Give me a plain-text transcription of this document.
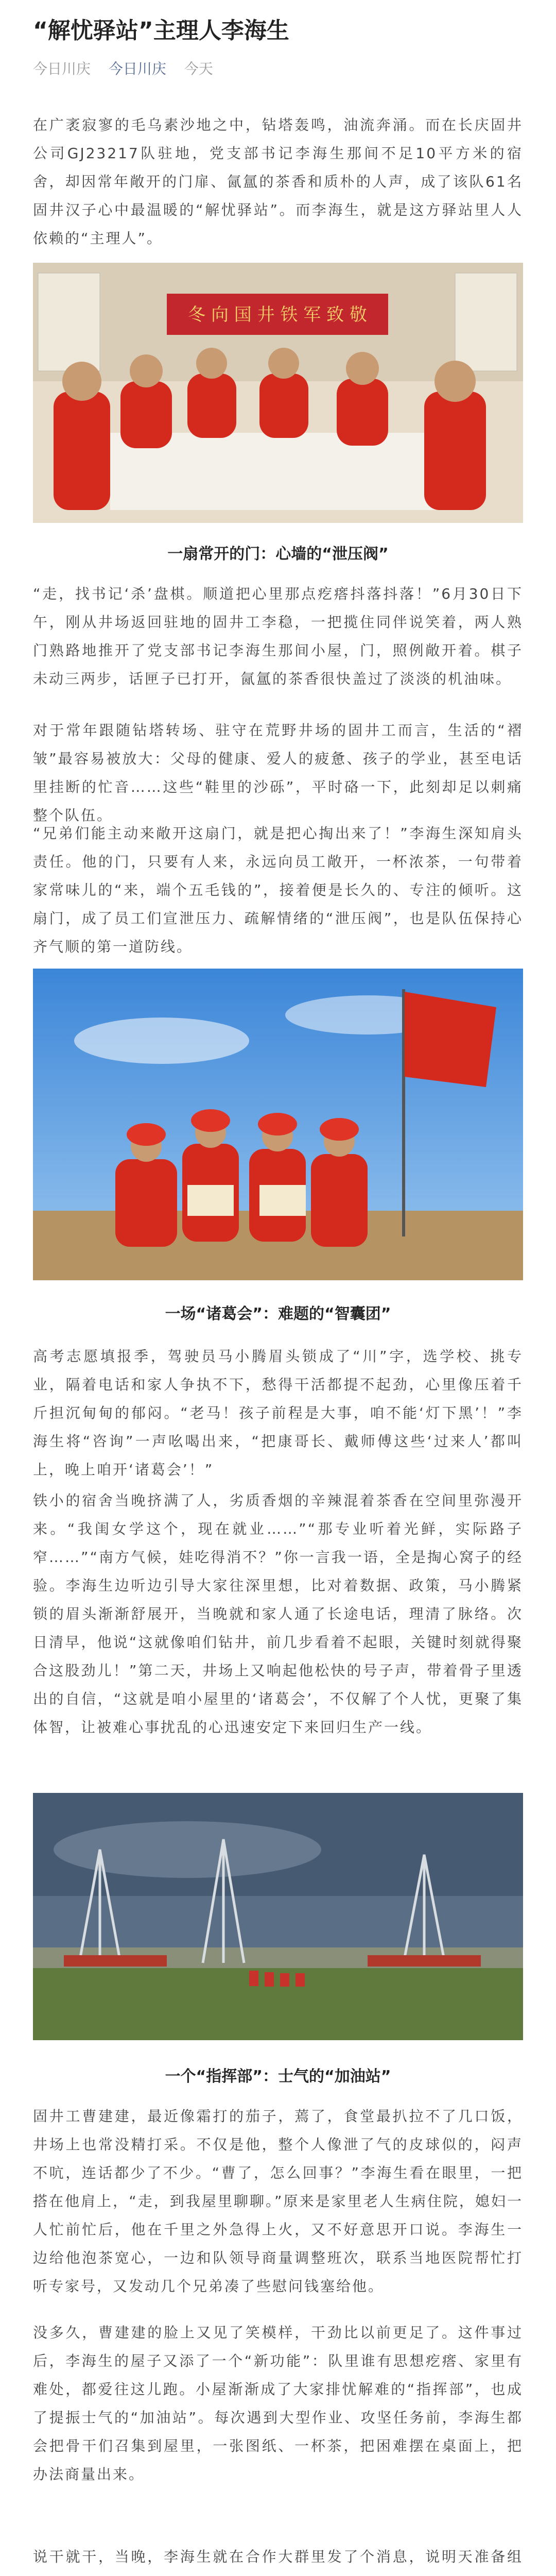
“解忧驿站”主理人李海生
今日川庆 今日川庆 今天
在广袤寂寥的毛乌素沙地之中，钻塔轰鸣，油流奔涌。而在长庆固井公司GJ23217队驻地，党支部书记李海生那间不足10平方米的宿舍，却因常年敞开的门扉、氤氲的茶香和质朴的人声，成了该队61名固井汉子心中最温暖的“解忧驿站”。而李海生，就是这方驿站里人人依赖的“主理人”。
冬 向 国 井 铁 军 致 敬
一扇常开的门：心墙的“泄压阀”
“走，找书记‘杀’盘棋。顺道把心里那点疙瘩抖落抖落！”6月30日下午，刚从井场返回驻地的固井工李稳，一把揽住同伴说笑着，两人熟门熟路地推开了党支部书记李海生那间小屋，门，照例敞开着。棋子未动三两步，话匣子已打开，氤氲的茶香很快盖过了淡淡的机油味。
对于常年跟随钻塔转场、驻守在荒野井场的固井工而言，生活的“褶皱”最容易被放大：父母的健康、爱人的疲惫、孩子的学业，甚至电话里挂断的忙音……这些“鞋里的沙砾”，平时硌一下，此刻却足以刺痛整个队伍。
“兄弟们能主动来敞开这扇门，就是把心掏出来了！”李海生深知肩头责任。他的门，只要有人来，永远向员工敞开，一杯浓茶，一句带着家常味儿的“来，端个五毛钱的”，接着便是长久的、专注的倾听。这扇门，成了员工们宣泄压力、疏解情绪的“泄压阀”，也是队伍保持心齐气顺的第一道防线。
一场“诸葛会”：难题的“智囊团”
高考志愿填报季，驾驶员马小腾眉头锁成了“川”字，选学校、挑专业，隔着电话和家人争执不下，愁得干活都提不起劲，心里像压着千斤担沉甸甸的郁闷。“老马！孩子前程是大事，咱不能‘灯下黑’！”李海生将“咨询”一声吆喝出来，“把康哥长、戴师傅这些‘过来人’都叫上，晚上咱开‘诸葛会’！”
铁小的宿舍当晚挤满了人，劣质香烟的辛辣混着茶香在空间里弥漫开来。“我闺女学这个，现在就业……”“那专业听着光鲜，实际路子窄……”“南方气候，娃吃得消不？”你一言我一语，全是掏心窝子的经验。李海生边听边引导大家往深里想，比对着数据、政策，马小腾紧锁的眉头渐渐舒展开，当晚就和家人通了长途电话，理清了脉络。次日清早，他说“这就像咱们钻井，前几步看着不起眼，关键时刻就得聚合这股劲儿！”第二天，井场上又响起他松快的号子声，带着骨子里透出的自信，“这就是咱小屋里的‘诸葛会’，不仅解了个人忧，更聚了集体智，让被难心事扰乱的心迅速安定下来回归生产一线。
一个“指挥部”：士气的“加油站”
固井工曹建建，最近像霜打的茄子，蔫了，食堂最扒拉不了几口饭，井场上也常没精打采。不仅是他，整个人像泄了气的皮球似的，闷声不吭，连话都少了不少。“曹了，怎么回事？”李海生看在眼里，一把搭在他肩上，“走，到我屋里聊聊。”原来是家里老人生病住院，媳妇一人忙前忙后，他在千里之外急得上火，又不好意思开口说。李海生一边给他泡茶宽心，一边和队领导商量调整班次，联系当地医院帮忙打听专家号，又发动几个兄弟凑了些慰问钱塞给他。
没多久，曹建建的脸上又见了笑模样，干劲比以前更足了。这件事过后，李海生的屋子又添了一个“新功能”：队里谁有思想疙瘩、家里有难处，都爱往这儿跑。小屋渐渐成了大家排忧解难的“指挥部”，也成了提振士气的“加油站”。每次遇到大型作业、攻坚任务前，李海生都会把骨干们召集到屋里，一张图纸、一杯茶，把困难摆在桌面上，把办法商量出来。
说干就干，当晚，李海生就在合作大群里发了个消息，说明天准备组
